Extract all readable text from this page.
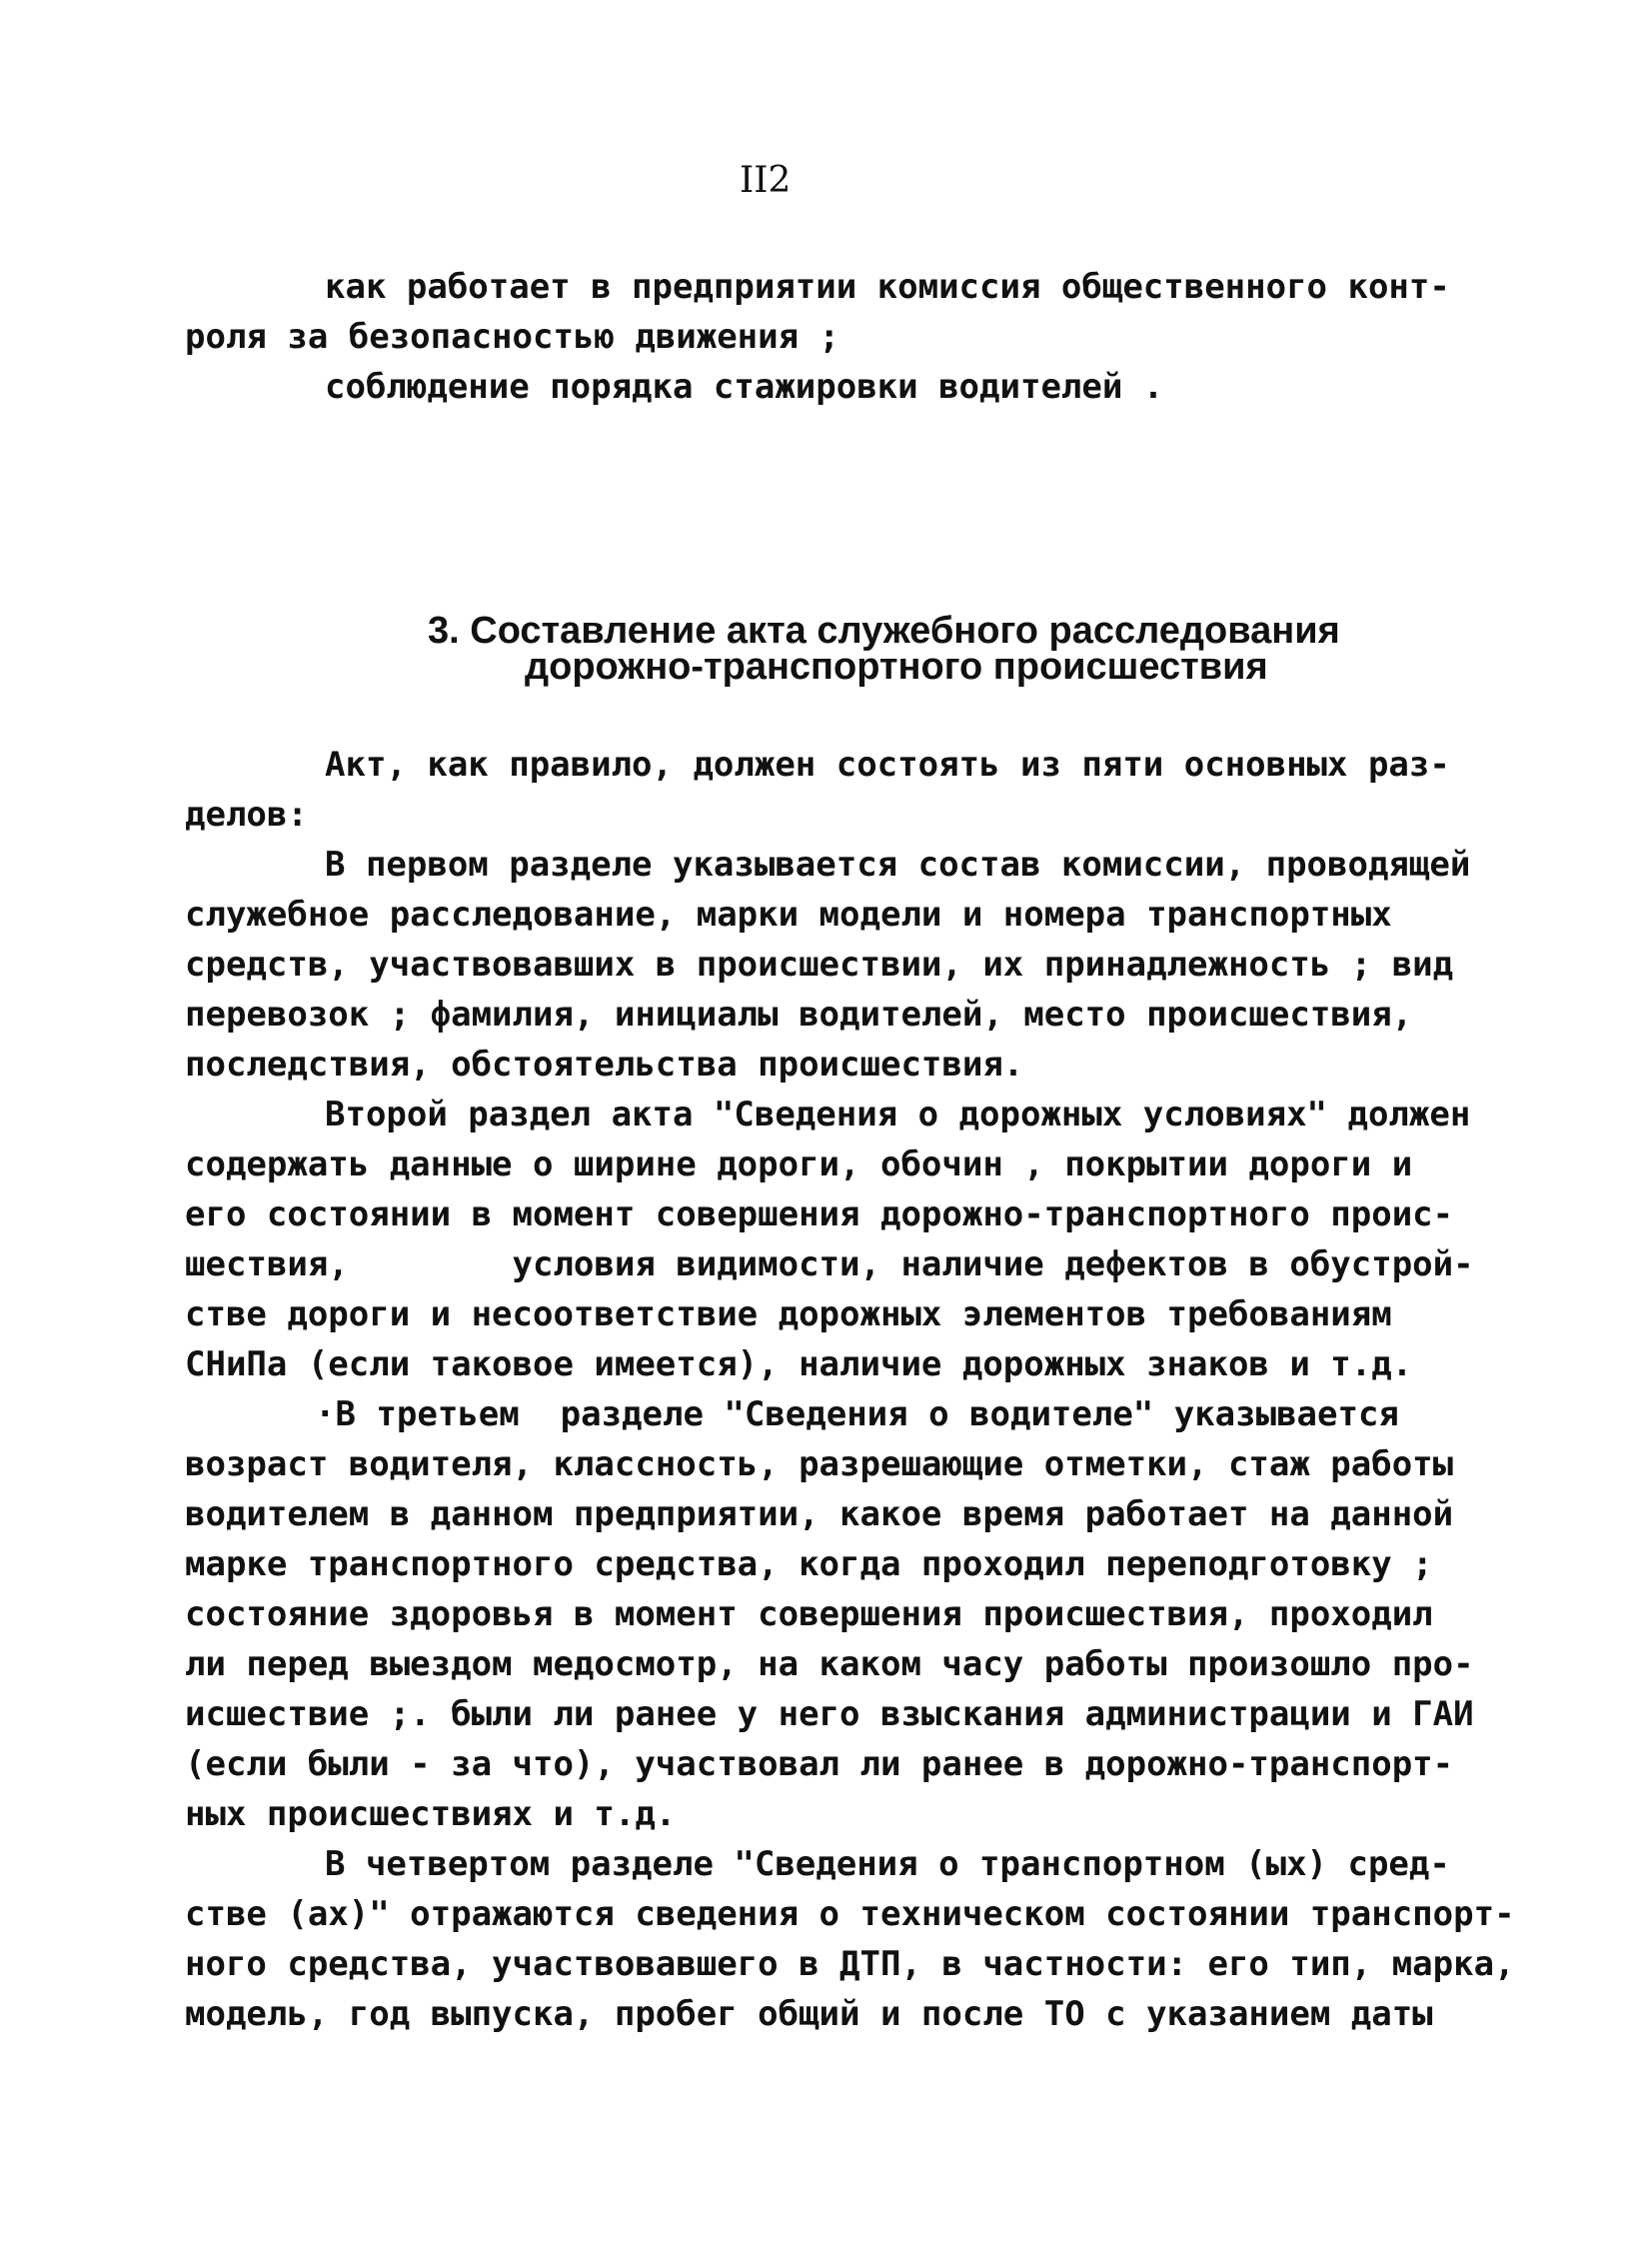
II2
как работает в предприятии комиссия общественного конт-
роля за безопасностью движения ;
соблюдение порядка стажировки водителей .
3. Составление акта служебного расследования
дорожно-транспортного происшествия
Акт, как правило, должен состоять из пяти основных раз-
делов:
В первом разделе указывается состав комиссии, проводящей
служебное расследование, марки модели и номера транспортных
средств, участвовавших в происшествии, их принадлежность ; вид
перевозок ; фамилия, инициалы водителей, место происшествия,
последствия, обстоятельства происшествия.
Второй раздел акта "Сведения о дорожных условиях" должен
содержать данные о ширине дороги, обочин , покрытии дороги и
его состоянии в момент совершения дорожно-транспортного проис-
шествия,        условия видимости, наличие дефектов в обустрой-
стве дороги и несоответствие дорожных элементов требованиям
СНиПа (если таковое имеется), наличие дорожных знаков и т.д.
·В третьем  разделе "Сведения о водителе" указывается
возраст водителя, классность, разрешающие отметки, стаж работы
водителем в данном предприятии, какое время работает на данной
марке транспортного средства, когда проходил переподготовку ;
состояние здоровья в момент совершения происшествия, проходил
ли перед выездом медосмотр, на каком часу работы произошло про-
исшествие ;. были ли ранее у него взыскания администрации и ГАИ
(если были - за что), участвовал ли ранее в дорожно-транспорт-
ных происшествиях и т.д.
В четвертом разделе "Сведения о транспортном (ых) сред-
стве (ах)" отражаются сведения о техническом состоянии транспорт-
ного средства, участвовавшего в ДТП, в частности: его тип, марка,
модель, год выпуска, пробег общий и после ТО с указанием даты
